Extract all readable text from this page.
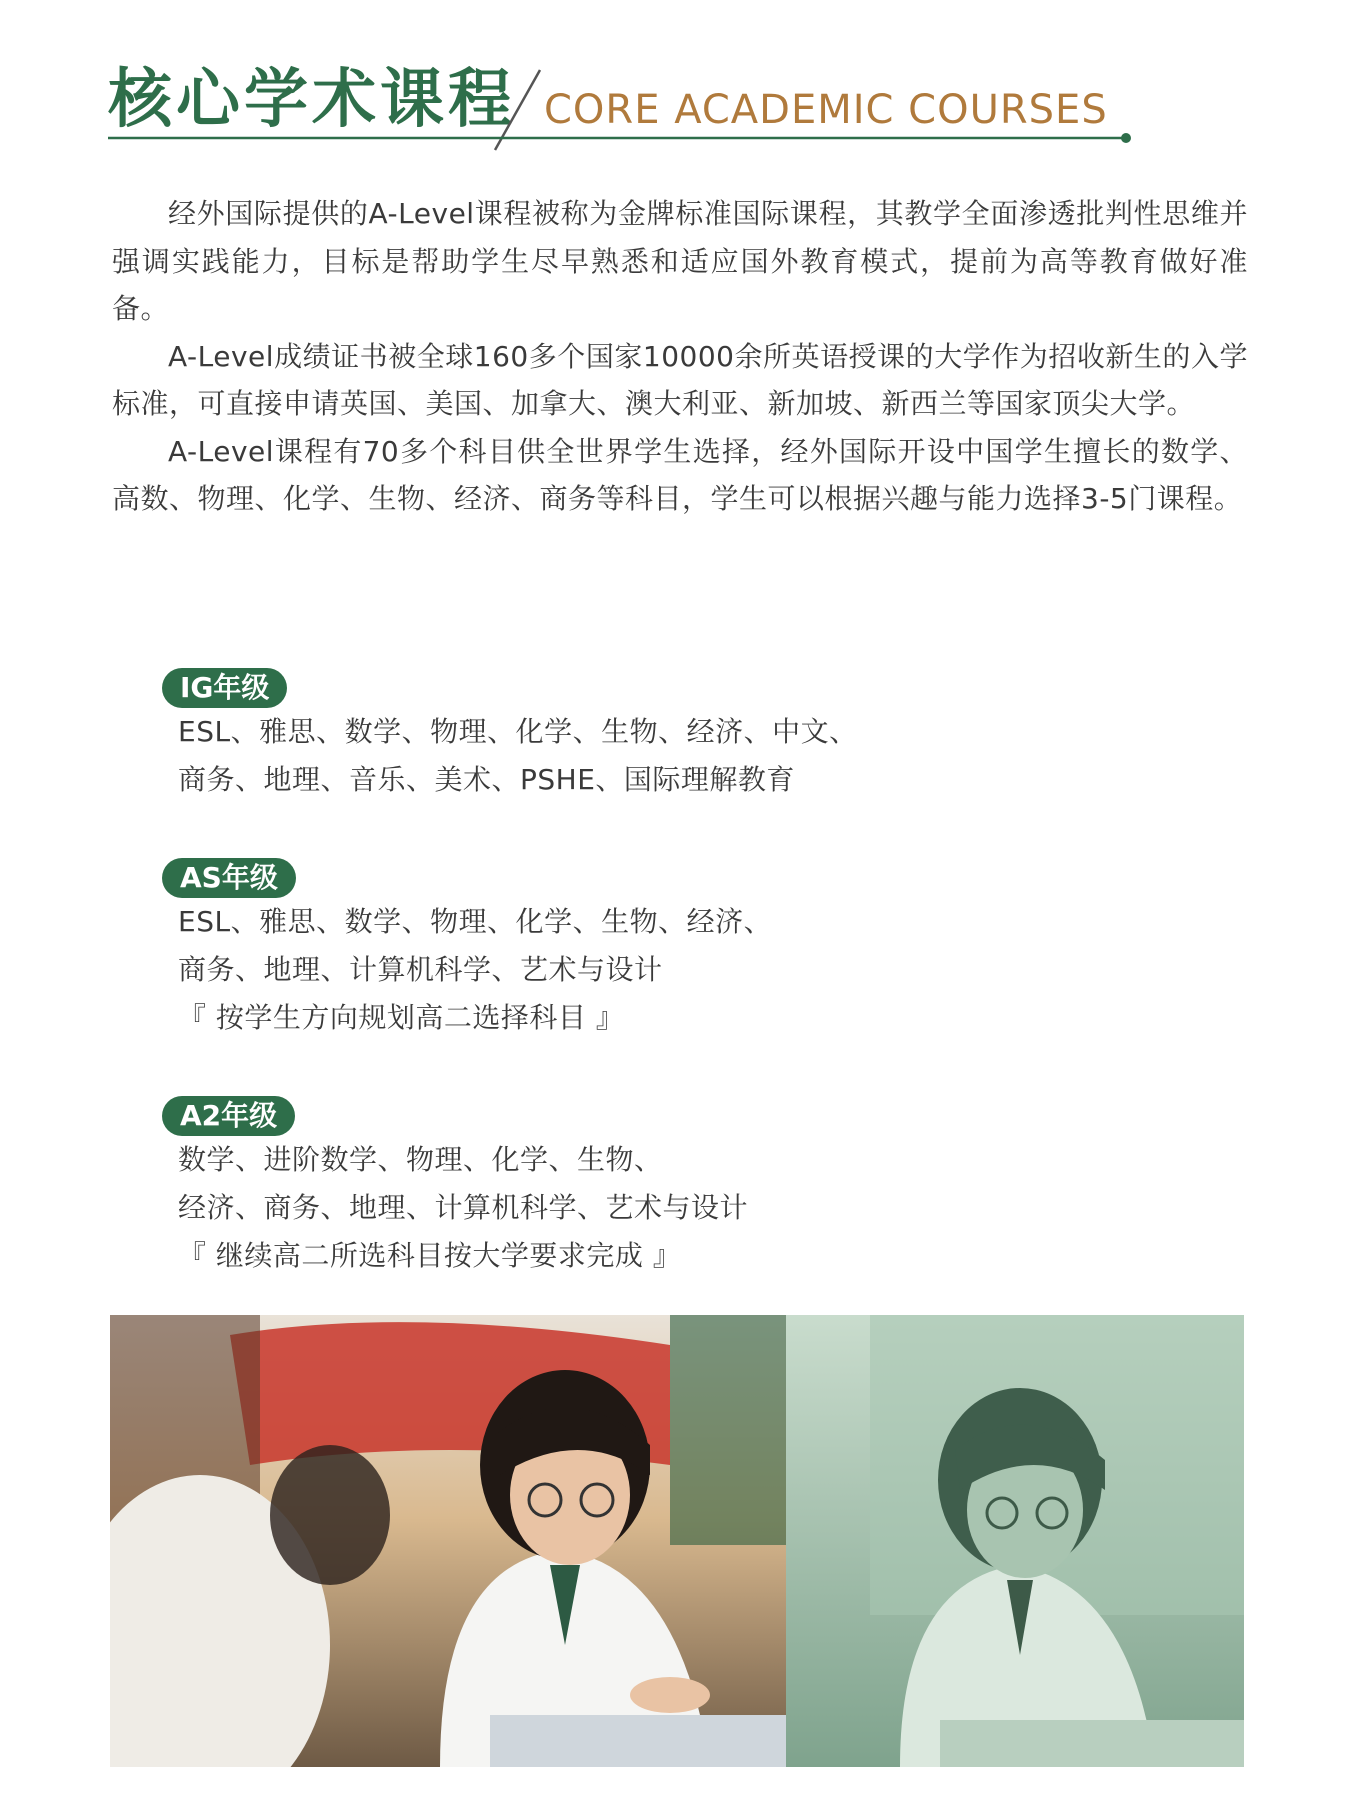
核心学术课程 CORE ACADEMIC COURSES

经外国际提供的A-Level课程被称为金牌标准国际课程，其教学全面渗透批判性思维并强调实践能力，目标是帮助学生尽早熟悉和适应国外教育模式，提前为高等教育做好准备。

A-Level成绩证书被全球160多个国家10000余所英语授课的大学作为招收新生的入学标准，可直接申请英国、美国、加拿大、澳大利亚、新加坡、新西兰等国家顶尖大学。

A-Level课程有70多个科目供全世界学生选择，经外国际开设中国学生擅长的数学、高数、物理、化学、生物、经济、商务等科目，学生可以根据兴趣与能力选择3-5门课程。

IG年级
ESL、雅思、数学、物理、化学、生物、经济、中文、
商务、地理、音乐、美术、PSHE、国际理解教育
AS年级
ESL、雅思、数学、物理、化学、生物、经济、
商务、地理、计算机科学、艺术与设计
『 按学生方向规划高二选择科目 』
A2年级
数学、进阶数学、物理、化学、生物、
经济、商务、地理、计算机科学、艺术与设计
『 继续高二所选科目按大学要求完成 』
